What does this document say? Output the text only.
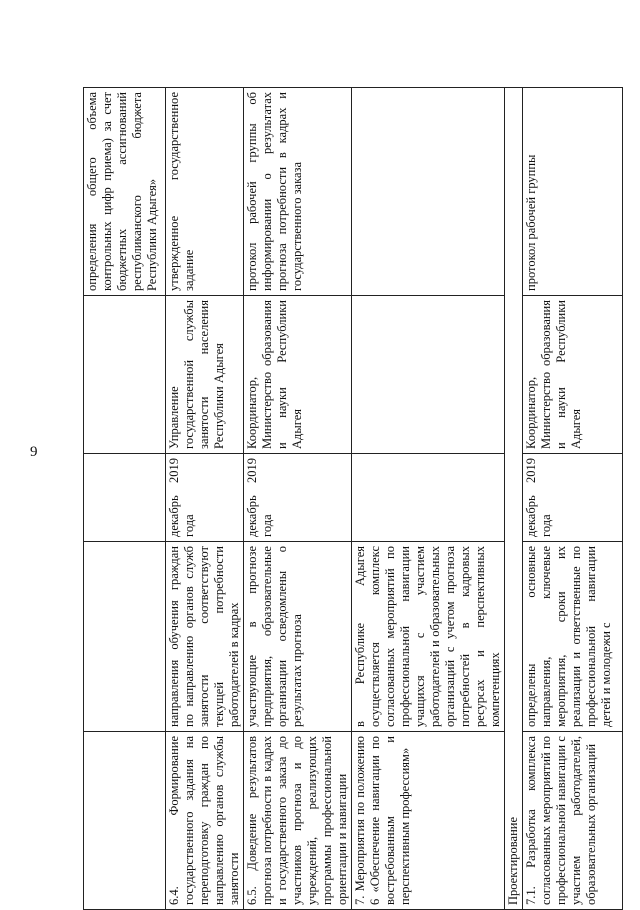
9
				определения общего объема контрольных цифр приема) за счет бюджетных ассигнований республиканского бюджета Республики Адыгея»
6.4. Формирование государственного задания на переподготовку граждан по направлению органов службы занятости	направления обучения граждан по направлению органов служб занятости соответствуют текущей потребности работодателей в кадрах	декабрь 2019 года	Управление государственной службы занятости населения Республики Адыгея	утвержденное государственное задание
6.5. Доведение результатов прогноза потребности в кадрах и государственного заказа до участников прогноза и до учреждений, реализующих программы профессиональной ориентации и навигации	участвующие в прогнозе предприятия, образовательные организации осведомлены о результатах прогноза	декабрь 2019 года	Координатор, Министерство образования и науки Республики Адыгея	протокол рабочей группы об информировании о результатах прогноза потребности в кадрах и государственного заказа
7. Мероприятия по положению 6 «Обеспечение навигации по востребованным и перспективным профессиям»	в Республике Адыгея осуществляется комплекс согласованных мероприятий по профессиональной навигации учащихся с участием работодателей и образовательных организаций с учетом прогноза потребностей в кадровых ресурсах и перспективных компетенциях			
Проектирование				
7.1. Разработка комплекса согласованных мероприятий по профессиональной навигации с участием работодателей, образовательных организаций	определены основные направления, ключевые мероприятия, сроки их реализации и ответственные по профессиональной навигации детей и молодежи с	декабрь 2019 года	Координатор, Министерство образования и науки Республики Адыгея	протокол рабочей группы
